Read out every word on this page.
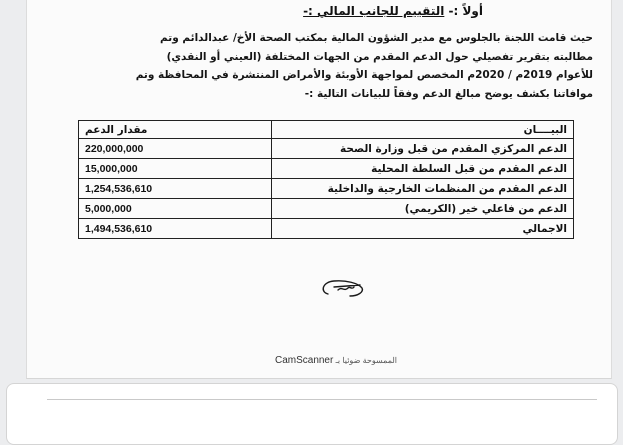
أولاً :- التقييم للجانب المالي :-
حيث قامت اللجنة بالجلوس مع مدير الشؤون المالية بمكتب الصحة الأخ/ عبدالدائم وتم
مطالبته بتقرير تفصيلي حول الدعم المقدم من الجهات المختلفة (العيني أو النقدي)
للأعوام 2019م / 2020م المخصص لمواجهة الأوبئة والأمراض المنتشرة في المحافظة وتم
موافاتنا بكشف يوضح مبالغ الدعم وفقاً للبيانات التالية :-
البيــــان	مقدار الدعم
الدعم المركزي المقدم من قبل وزارة الصحة	220,000,000
الدعم المقدم من قبل السلطة المحلية	15,000,000
الدعم المقدم من المنظمات الخارجية والداخلية	1,254,536,610
الدعم من فاعلي خير (الكريمي)	5,000,000
الاجمالي	1,494,536,610
الممسوحة ضوئيا بـ CamScanner
